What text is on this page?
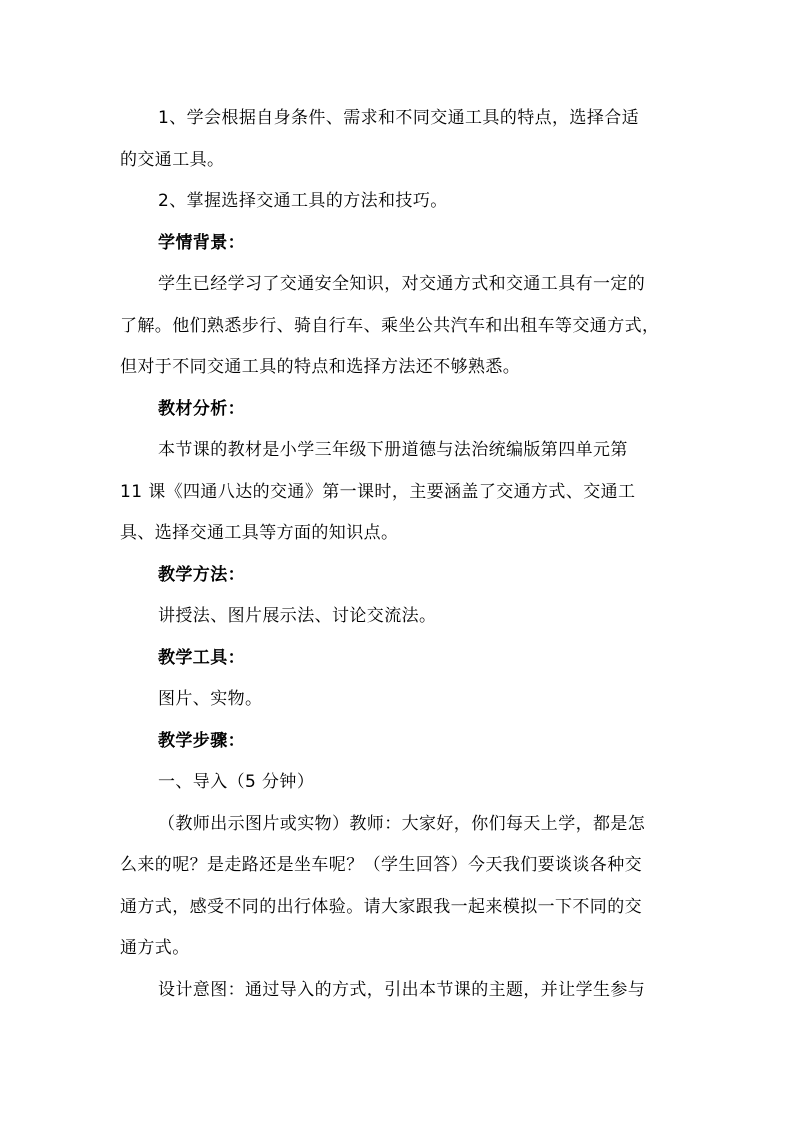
1、学会根据自身条件、需求和不同交通工具的特点，选择合适
的交通工具。
2、掌握选择交通工具的方法和技巧。
学情背景：
学生已经学习了交通安全知识，对交通方式和交通工具有一定的
了解。他们熟悉步行、骑自行车、乘坐公共汽车和出租车等交通方式，
但对于不同交通工具的特点和选择方法还不够熟悉。
教材分析：
本节课的教材是小学三年级下册道德与法治统编版第四单元第
11 课《四通八达的交通》第一课时，主要涵盖了交通方式、交通工
具、选择交通工具等方面的知识点。
教学方法：
讲授法、图片展示法、讨论交流法。
教学工具：
图片、实物。
教学步骤：
一、导入（5 分钟）
（教师出示图片或实物）教师：大家好，你们每天上学，都是怎
么来的呢？是走路还是坐车呢？（学生回答）今天我们要谈谈各种交
通方式，感受不同的出行体验。请大家跟我一起来模拟一下不同的交
通方式。
设计意图：通过导入的方式，引出本节课的主题，并让学生参与
